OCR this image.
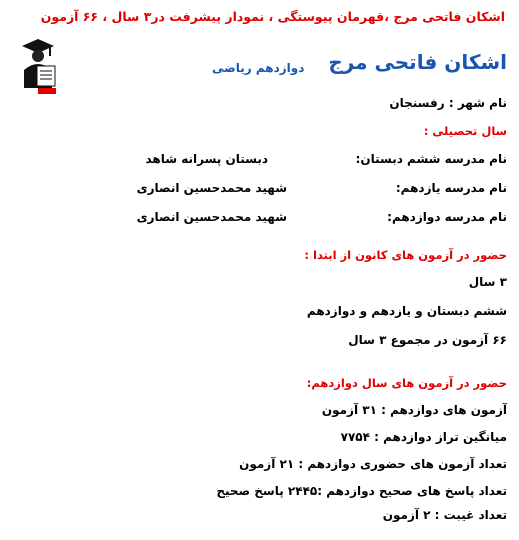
اشکان فاتحی مرج ،قهرمان پیوستگی ، نمودار پیشرفت در۳ سال ، ۶۶ آزمون
اشکان فاتحی مرج
دوازدهم ریاضی
نام شهر : رفسنجان
سال تحصیلی :
نام مدرسه ششم دبستان:
دبستان پسرانه شاهد
نام مدرسه یازدهم:
شهید محمدحسین انصاری
نام مدرسه دوازدهم:
شهید محمدحسین انصاری
حضور در آزمون های کانون از ابتدا :
۳ سال
ششم دبستان و یازدهم و دوازدهم
۶۶ آزمون در مجموع ۳ سال
حضور در آزمون های سال دوازدهم:
آزمون های دوازدهم : ۳۱ آزمون
میانگین تراز دوازدهم : ۷۷۵۴
تعداد آزمون های حضوری دوازدهم : ۲۱ آزمون
تعداد پاسخ های صحیح دوازدهم :۲۴۴۵ پاسخ صحیح
تعداد غیبت : ۲ آزمون
